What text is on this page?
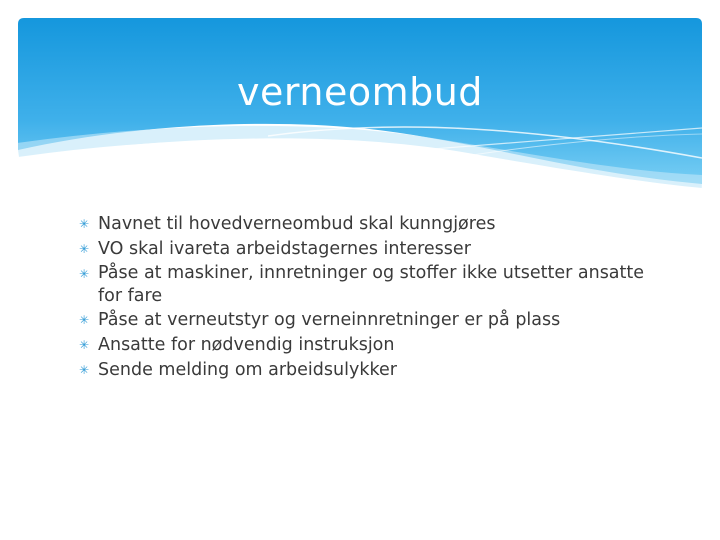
verneombud
✳ Navnet til hovedverneombud skal kunngjøres
✳ VO skal ivareta arbeidstagernes interesser
✳ Påse at maskiner, innretninger og stoffer ikke utsetter ansatte for fare
✳ Påse at verneutstyr og verneinnretninger er på plass
✳ Ansatte for nødvendig instruksjon
✳ Sende melding om arbeidsulykker
